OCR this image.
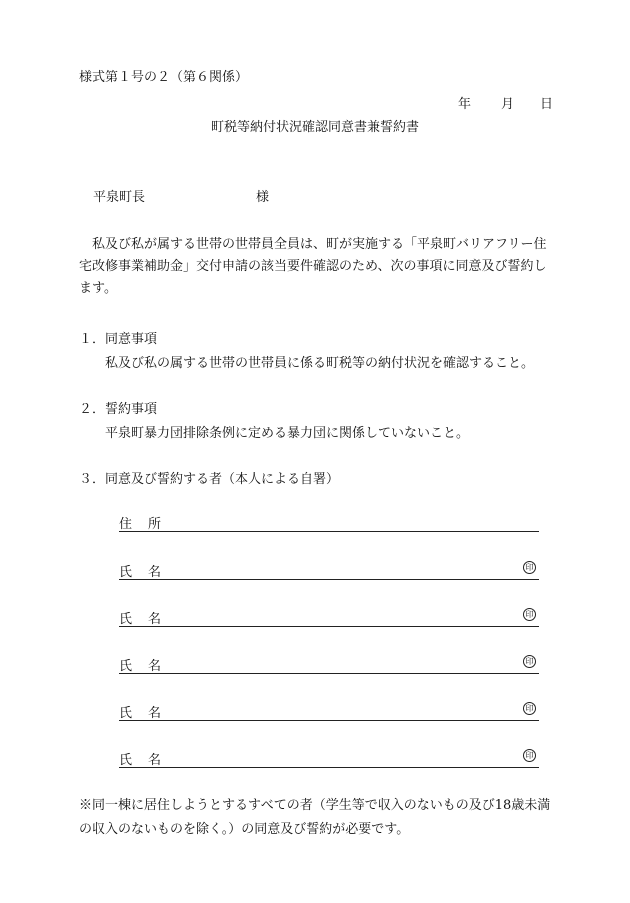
様式第１号の２（第６関係）
年 月 日
町税等納付状況確認同意書兼誓約書
平泉町長	様
私及び私が属する世帯の世帯員全員は、町が実施する「平泉町バリアフリー住宅改修事業補助金」交付申請の該当要件確認のため、次の事項に同意及び誓約します。
１．同意事項
私及び私の属する世帯の世帯員に係る町税等の納付状況を確認すること。
２．誓約事項
平泉町暴力団排除条例に定める暴力団に関係していないこと。
３．同意及び誓約する者（本人による自署）
住所
氏名	印
氏名	印
氏名	印
氏名	印
氏名	印
※同一棟に居住しようとするすべての者（学生等で収入のないもの及び18歳未満の収入のないものを除く。）の同意及び誓約が必要です。
